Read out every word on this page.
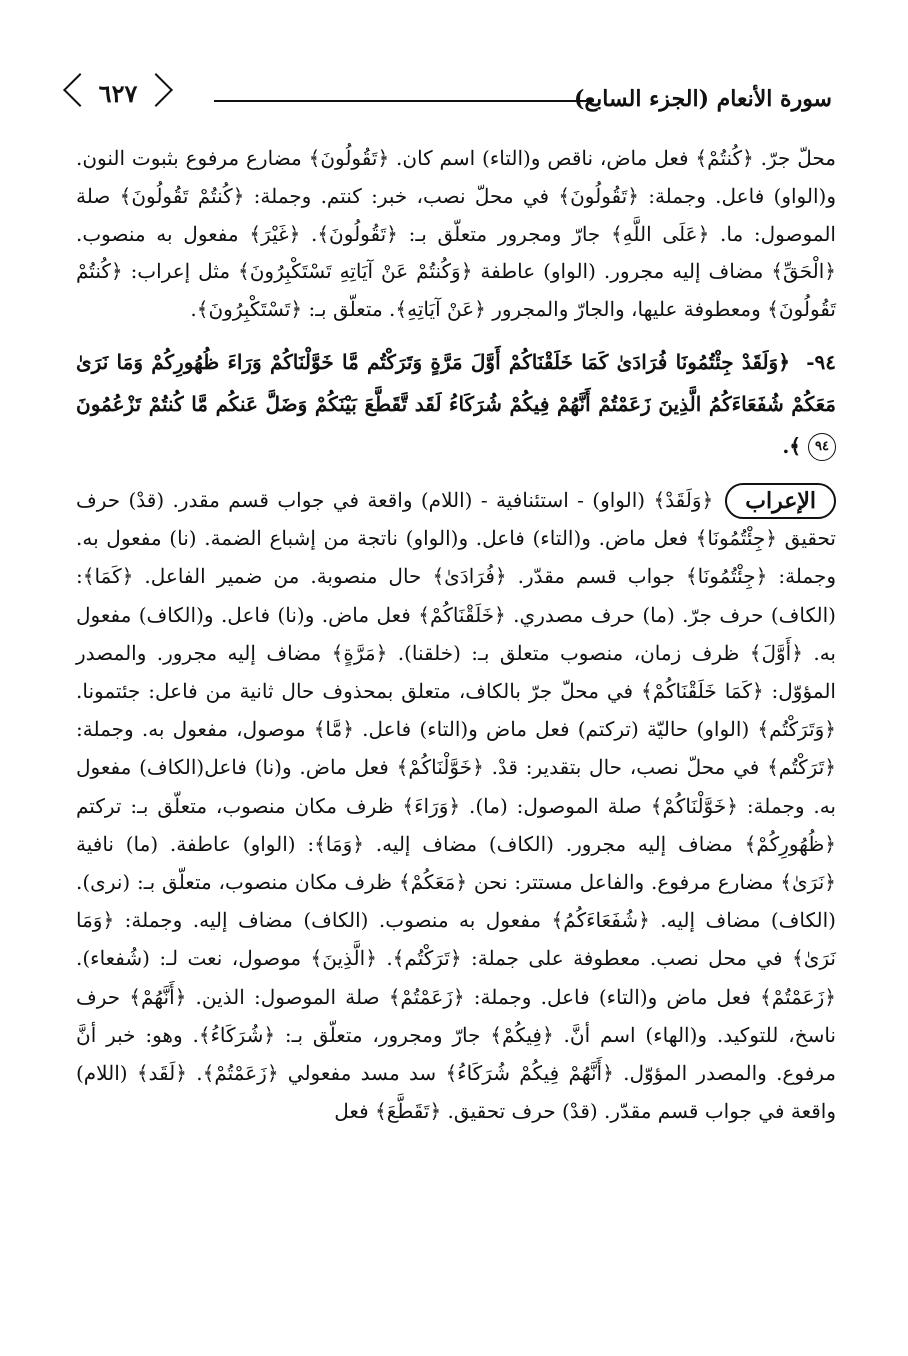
سورة الأنعام (الجزء السابع)
٦٢٧

محلّ جرّ. ﴿كُنتُمْ﴾ فعل ماض، ناقص و(التاء) اسم كان. ﴿تَقُولُونَ﴾ مضارع مرفوع بثبوت النون. و(الواو) فاعل. وجملة: ﴿تَقُولُونَ﴾ في محلّ نصب، خبر: كنتم. وجملة: ﴿كُنتُمْ تَقُولُونَ﴾ صلة الموصول: ما. ﴿عَلَى اللَّهِ﴾ جارّ ومجرور متعلّق بـ: ﴿تَقُولُونَ﴾. ﴿غَيْرَ﴾ مفعول به منصوب. ﴿الْحَقِّ﴾ مضاف إليه مجرور. (الواو) عاطفة ﴿وَكُنتُمْ عَنْ آيَاتِهِ تَسْتَكْبِرُونَ﴾ مثل إعراب: ﴿كُنتُمْ تَقُولُونَ﴾ ومعطوفة عليها، والجارّ والمجرور ﴿عَنْ آيَاتِهِ﴾. متعلّق بـ: ﴿تَسْتَكْبِرُونَ﴾.

٩٤- ﴿وَلَقَدْ جِئْتُمُونَا فُرَادَىٰ كَمَا خَلَقْنَاكُمْ أَوَّلَ مَرَّةٍ وَتَرَكْتُم مَّا خَوَّلْنَاكُمْ وَرَاءَ ظُهُورِكُمْ وَمَا نَرَىٰ مَعَكُمْ شُفَعَاءَكُمُ الَّذِينَ زَعَمْتُمْ أَنَّهُمْ فِيكُمْ شُرَكَاءُ لَقَد تَّقَطَّعَ بَيْنَكُمْ وَضَلَّ عَنكُم مَّا كُنتُمْ تَزْعُمُونَ ٩٤ ﴾.
الإعراب

﴿وَلَقَدْ﴾ (الواو) - استئنافية - (اللام) واقعة في جواب قسم مقدر. (قدْ) حرف تحقيق ﴿جِئْتُمُونَا﴾ فعل ماض. و(التاء) فاعل. و(الواو) ناتجة من إشباع الضمة. (نا) مفعول به. وجملة: ﴿جِئْتُمُونَا﴾ جواب قسم مقدّر. ﴿فُرَادَىٰ﴾ حال منصوبة. من ضمير الفاعل. ﴿كَمَا﴾: (الكاف) حرف جرّ. (ما) حرف مصدري. ﴿خَلَقْنَاكُمْ﴾ فعل ماض. و(نا) فاعل. و(الكاف) مفعول به. ﴿أَوَّلَ﴾ ظرف زمان، منصوب متعلق بـ: (خلقنا). ﴿مَرَّةٍ﴾ مضاف إليه مجرور. والمصدر المؤوّل: ﴿كَمَا خَلَقْنَاكُمْ﴾ في محلّ جرّ بالكاف، متعلق بمحذوف حال ثانية من فاعل: جئتمونا. ﴿وَتَرَكْتُم﴾ (الواو) حاليّة (تركتم) فعل ماض و(التاء) فاعل. ﴿مَّا﴾ موصول، مفعول به. وجملة: ﴿تَرَكْتُم﴾ في محلّ نصب، حال بتقدير: قدْ. ﴿خَوَّلْنَاكُمْ﴾ فعل ماض. و(نا) فاعل(الكاف) مفعول به. وجملة: ﴿خَوَّلْنَاكُمْ﴾ صلة الموصول: (ما). ﴿وَرَاءَ﴾ ظرف مكان منصوب، متعلّق بـ: تركتم ﴿ظُهُورِكُمْ﴾ مضاف إليه مجرور. (الكاف) مضاف إليه. ﴿وَمَا﴾: (الواو) عاطفة. (ما) نافية ﴿نَرَىٰ﴾ مضارع مرفوع. والفاعل مستتر: نحن ﴿مَعَكُمْ﴾ ظرف مكان منصوب، متعلّق بـ: (نرى). (الكاف) مضاف إليه. ﴿شُفَعَاءَكُمُ﴾ مفعول به منصوب. (الكاف) مضاف إليه. وجملة: ﴿وَمَا نَرَىٰ﴾ في محل نصب. معطوفة على جملة: ﴿تَرَكْتُم﴾. ﴿الَّذِينَ﴾ موصول، نعت لـ: (شُفعاء). ﴿زَعَمْتُمْ﴾ فعل ماض و(التاء) فاعل. وجملة: ﴿زَعَمْتُمْ﴾ صلة الموصول: الذين. ﴿أَنَّهُمْ﴾ حرف ناسخ، للتوكيد. و(الهاء) اسم أنَّ. ﴿فِيكُمْ﴾ جارّ ومجرور، متعلّق بـ: ﴿شُرَكَاءُ﴾. وهو: خبر أنَّ مرفوع. والمصدر المؤوّل. ﴿أَنَّهُمْ فِيكُمْ شُرَكَاءُ﴾ سد مسد مفعولي ﴿زَعَمْتُمْ﴾. ﴿لَقَد﴾ (اللام) واقعة في جواب قسم مقدّر. (قدْ) حرف تحقيق. ﴿تَقَطَّعَ﴾ فعل
